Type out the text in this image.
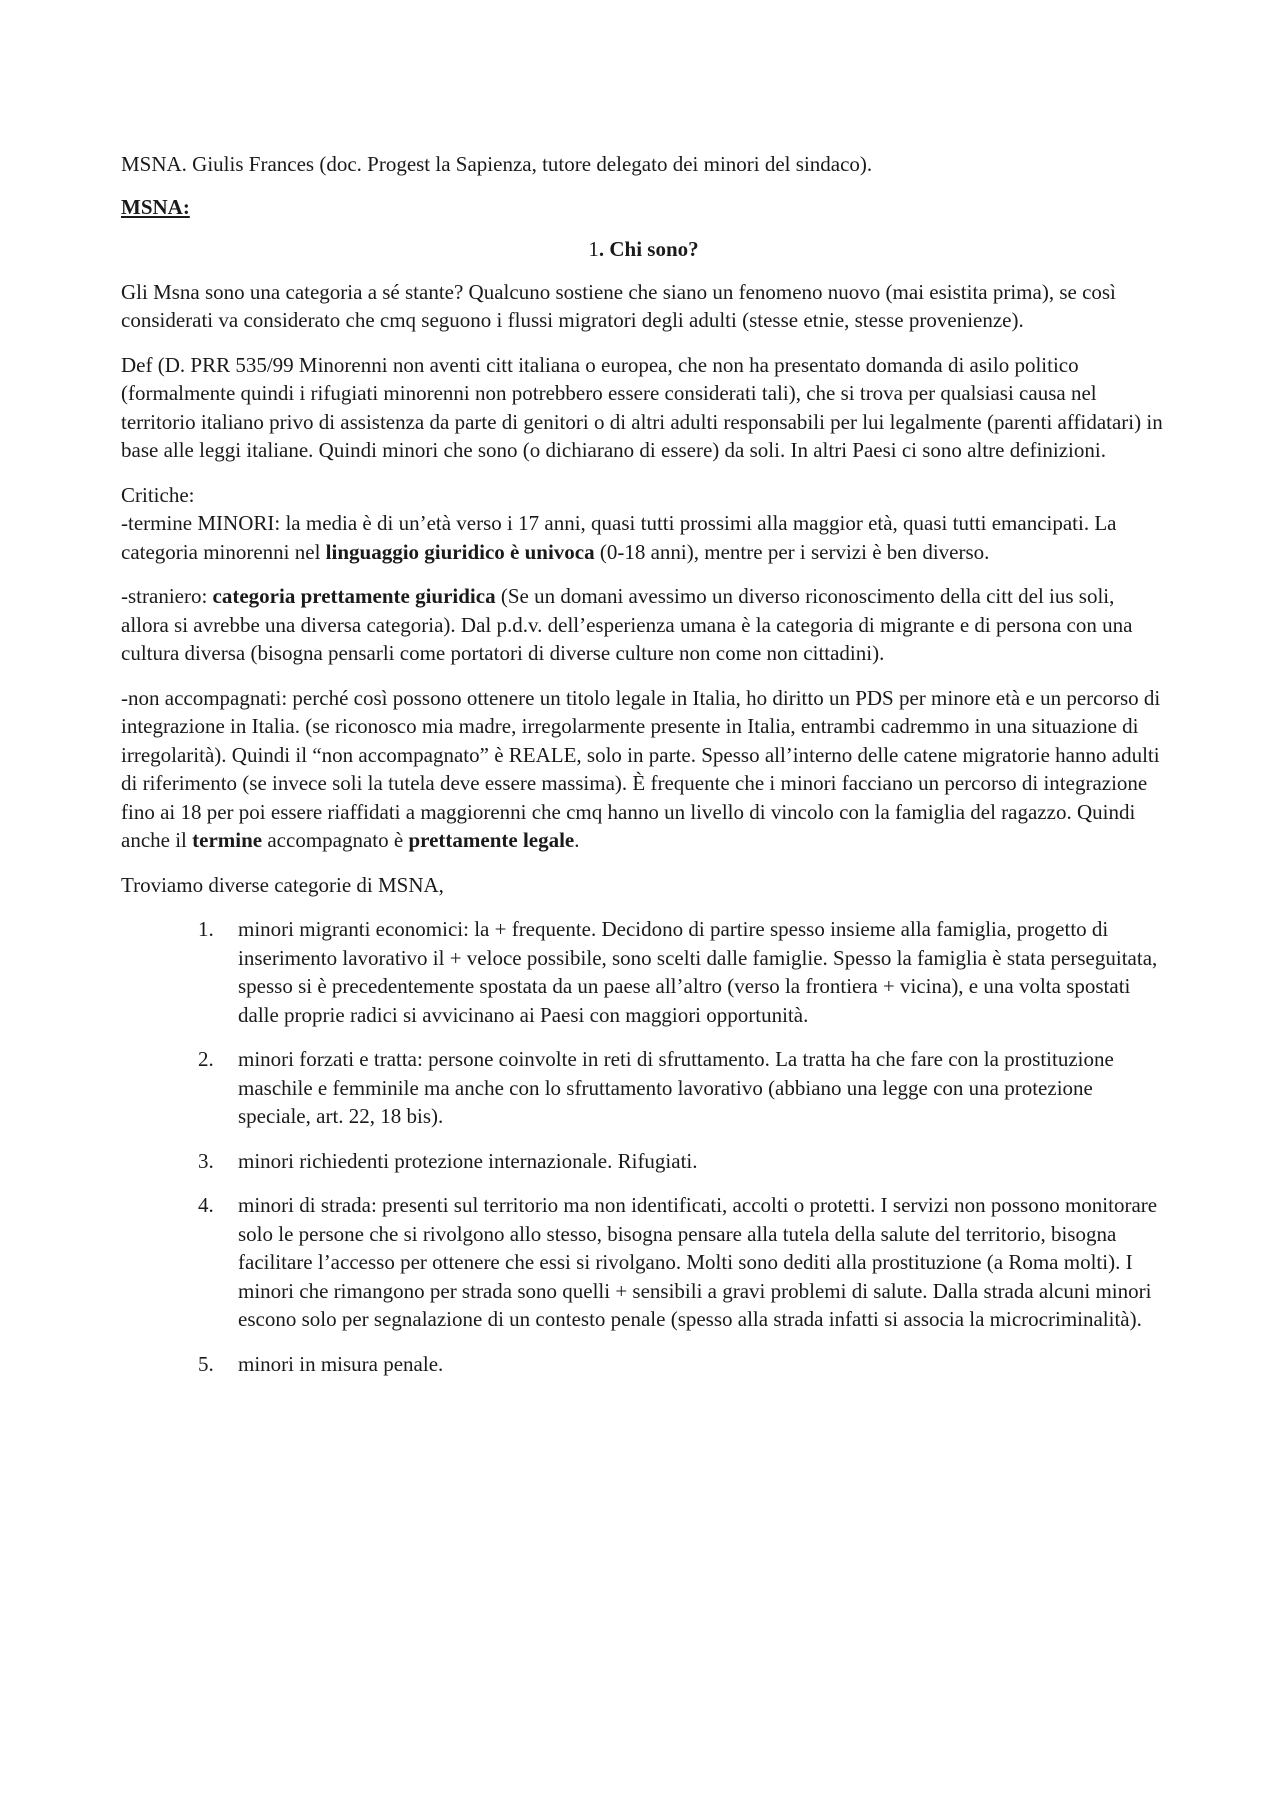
MSNA. Giulis Frances (doc. Progest la Sapienza, tutore delegato dei minori del sindaco).

MSNA:

1. Chi sono?

Gli Msna sono una categoria a sé stante? Qualcuno sostiene che siano un fenomeno nuovo (mai esistita prima), se così considerati va considerato che cmq seguono i flussi migratori degli adulti (stesse etnie, stesse provenienze).

Def (D. PRR 535/99 Minorenni non aventi citt italiana o europea, che non ha presentato domanda di asilo politico (formalmente quindi i rifugiati minorenni non potrebbero essere considerati tali), che si trova per qualsiasi causa nel territorio italiano privo di assistenza da parte di genitori o di altri adulti responsabili per lui legalmente (parenti affidatari) in base alle leggi italiane. Quindi minori che sono (o dichiarano di essere) da soli. In altri Paesi ci sono altre definizioni.

Critiche:

-termine MINORI: la media è di un’età verso i 17 anni, quasi tutti prossimi alla maggior età, quasi tutti emancipati. La categoria minorenni nel linguaggio giuridico è univoca (0-18 anni), mentre per i servizi è ben diverso.

-straniero: categoria prettamente giuridica (Se un domani avessimo un diverso riconoscimento della citt del ius soli, allora si avrebbe una diversa categoria). Dal p.d.v. dell’esperienza umana è la categoria di migrante e di persona con una cultura diversa (bisogna pensarli come portatori di diverse culture non come non cittadini).

-non accompagnati: perché così possono ottenere un titolo legale in Italia, ho diritto un PDS per minore età e un percorso di integrazione in Italia. (se riconosco mia madre, irregolarmente presente in Italia, entrambi cadremmo in una situazione di irregolarità). Quindi il “non accompagnato” è REALE, solo in parte. Spesso all’interno delle catene migratorie hanno adulti di riferimento (se invece soli la tutela deve essere massima). È frequente che i minori facciano un percorso di integrazione fino ai 18 per poi essere riaffidati a maggiorenni che cmq hanno un livello di vincolo con la famiglia del ragazzo. Quindi anche il termine accompagnato è prettamente legale.

Troviamo diverse categorie di MSNA,

1. minori migranti economici: la + frequente. Decidono di partire spesso insieme alla famiglia, progetto di inserimento lavorativo il + veloce possibile, sono scelti dalle famiglie. Spesso la famiglia è stata perseguitata, spesso si è precedentemente spostata da un paese all’altro (verso la frontiera + vicina), e una volta spostati dalle proprie radici si avvicinano ai Paesi con maggiori opportunità.
2. minori forzati e tratta: persone coinvolte in reti di sfruttamento. La tratta ha che fare con la prostituzione maschile e femminile ma anche con lo sfruttamento lavorativo (abbiano una legge con una protezione speciale, art. 22, 18 bis).
3. minori richiedenti protezione internazionale. Rifugiati.
4. minori di strada: presenti sul territorio ma non identificati, accolti o protetti. I servizi non possono monitorare solo le persone che si rivolgono allo stesso, bisogna pensare alla tutela della salute del territorio, bisogna facilitare l’accesso per ottenere che essi si rivolgano. Molti sono dediti alla prostituzione (a Roma molti). I minori che rimangono per strada sono quelli + sensibili a gravi problemi di salute. Dalla strada alcuni minori escono solo per segnalazione di un contesto penale (spesso alla strada infatti si associa la microcriminalità).
5. minori in misura penale.
